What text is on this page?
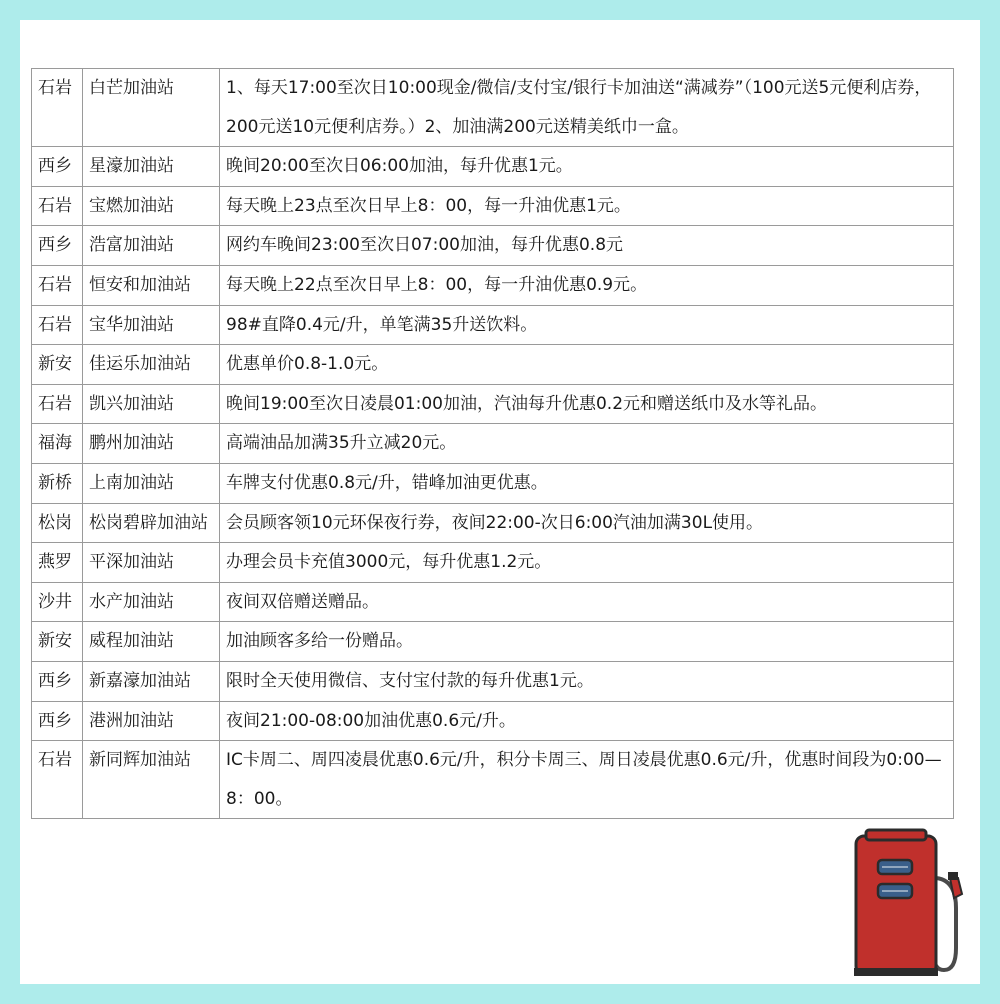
石岩	白芒加油站	1、每天17:00至次日10:00现金/微信/支付宝/银行卡加油送“满减券”（100元送5元便利店券，200元送10元便利店券。）2、加油满200元送精美纸巾一盒。
西乡	星濠加油站	晚间20:00至次日06:00加油，每升优惠1元。
石岩	宝燃加油站	每天晚上23点至次日早上8：00，每一升油优惠1元。
西乡	浩富加油站	网约车晚间23:00至次日07:00加油，每升优惠0.8元
石岩	恒安和加油站	每天晚上22点至次日早上8：00，每一升油优惠0.9元。
石岩	宝华加油站	98#直降0.4元/升，单笔满35升送饮料。
新安	佳运乐加油站	优惠单价0.8-1.0元。
石岩	凯兴加油站	晚间19:00至次日凌晨01:00加油，汽油每升优惠0.2元和赠送纸巾及水等礼品。
福海	鹏州加油站	高端油品加满35升立减20元。
新桥	上南加油站	车牌支付优惠0.8元/升，错峰加油更优惠。
松岗	松岗碧辟加油站	会员顾客领10元环保夜行券，夜间22:00-次日6:00汽油加满30L使用。
燕罗	平深加油站	办理会员卡充值3000元，每升优惠1.2元。
沙井	水产加油站	夜间双倍赠送赠品。
新安	威程加油站	加油顾客多给一份赠品。
西乡	新嘉濠加油站	限时全天使用微信、支付宝付款的每升优惠1元。
西乡	港洲加油站	夜间21:00-08:00加油优惠0.6元/升。
石岩	新同辉加油站	IC卡周二、周四凌晨优惠0.6元/升，积分卡周三、周日凌晨优惠0.6元/升，优惠时间段为0:00—8：00。
